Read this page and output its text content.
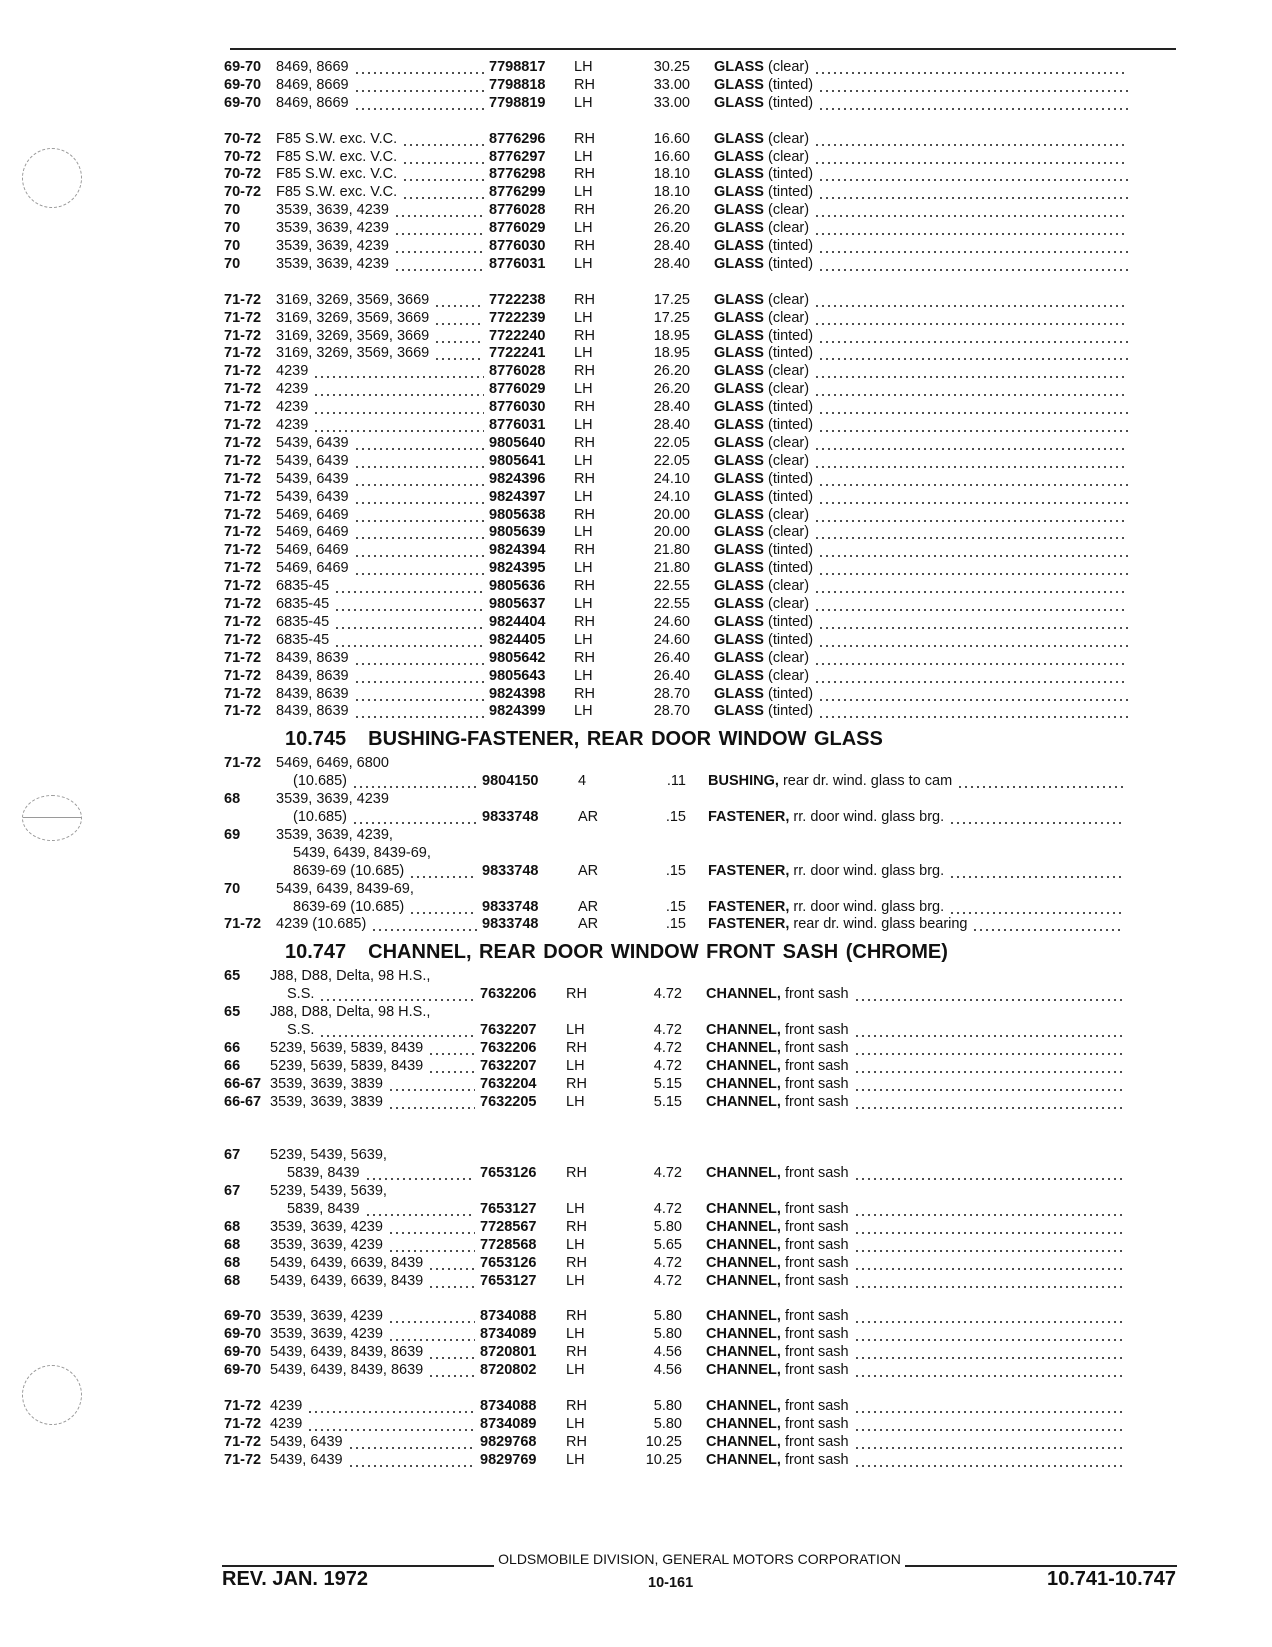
69-70 8469, 8669	7798817 LH	30.25 GLASS (clear)
69-70 8469, 8669	7798818 RH	33.00 GLASS (tinted)
69-70 8469, 8669	7798819 LH	33.00 GLASS (tinted)
70-72 F85 S.W. exc. V.C.	8776296 RH	16.60 GLASS (clear)
70-72 F85 S.W. exc. V.C.	8776297 LH	16.60 GLASS (clear)
70-72 F85 S.W. exc. V.C.	8776298 RH	18.10 GLASS (tinted)
70-72 F85 S.W. exc. V.C.	8776299 LH	18.10 GLASS (tinted)
70 3539, 3639, 4239	8776028 RH	26.20 GLASS (clear)
70 3539, 3639, 4239	8776029 LH	26.20 GLASS (clear)
70 3539, 3639, 4239	8776030 RH	28.40 GLASS (tinted)
70 3539, 3639, 4239	8776031 LH	28.40 GLASS (tinted)
71-72 3169, 3269, 3569, 3669	7722238 RH	17.25 GLASS (clear)
71-72 3169, 3269, 3569, 3669	7722239 LH	17.25 GLASS (clear)
71-72 3169, 3269, 3569, 3669	7722240 RH	18.95 GLASS (tinted)
71-72 3169, 3269, 3569, 3669	7722241 LH	18.95 GLASS (tinted)
71-72 4239	8776028 RH	26.20 GLASS (clear)
71-72 4239	8776029 LH	26.20 GLASS (clear)
71-72 4239	8776030 RH	28.40 GLASS (tinted)
71-72 4239	8776031 LH	28.40 GLASS (tinted)
71-72 5439, 6439	9805640 RH	22.05 GLASS (clear)
71-72 5439, 6439	9805641 LH	22.05 GLASS (clear)
71-72 5439, 6439	9824396 RH	24.10 GLASS (tinted)
71-72 5439, 6439	9824397 LH	24.10 GLASS (tinted)
71-72 5469, 6469	9805638 RH	20.00 GLASS (clear)
71-72 5469, 6469	9805639 LH	20.00 GLASS (clear)
71-72 5469, 6469	9824394 RH	21.80 GLASS (tinted)
71-72 5469, 6469	9824395 LH	21.80 GLASS (tinted)
71-72 6835-45	9805636 RH	22.55 GLASS (clear)
71-72 6835-45	9805637 LH	22.55 GLASS (clear)
71-72 6835-45	9824404 RH	24.60 GLASS (tinted)
71-72 6835-45	9824405 LH	24.60 GLASS (tinted)
71-72 8439, 8639	9805642 RH	26.40 GLASS (clear)
71-72 8439, 8639	9805643 LH	26.40 GLASS (clear)
71-72 8439, 8639	9824398 RH	28.70 GLASS (tinted)
71-72 8439, 8639	9824399 LH	28.70 GLASS (tinted)
71-72 5469, 6469, 6800
(10.685)	9804150	4	.11 BUSHING, rear dr. wind. glass to cam
68 3539, 3639, 4239
(10.685)	9833748	AR	.15 FASTENER, rr. door wind. glass brg.
69 3539, 3639, 4239,
5439, 6439, 8439-69,
8639-69 (10.685)	9833748	AR	.15 FASTENER, rr. door wind. glass brg.
70 5439, 6439, 8439-69,
8639-69 (10.685)	9833748	AR	.15 FASTENER, rr. door wind. glass brg.
71-72 4239 (10.685)	9833748	AR	.15 FASTENER, rear dr. wind. glass bearing
10.745 BUSHING-FASTENER, REAR DOOR WINDOW GLASS
65 J88, D88, Delta, 98 H.S.,
S.S.	7632206 RH	4.72 CHANNEL, front sash
65 J88, D88, Delta, 98 H.S.,
S.S.	7632207 LH	4.72 CHANNEL, front sash
66 5239, 5639, 5839, 8439	7632206 RH	4.72 CHANNEL, front sash
66 5239, 5639, 5839, 8439	7632207 LH	4.72 CHANNEL, front sash
66-67 3539, 3639, 3839	7632204 RH	5.15 CHANNEL, front sash
66-67 3539, 3639, 3839	7632205 LH	5.15 CHANNEL, front sash
67 5239, 5439, 5639,
5839, 8439	7653126 RH	4.72 CHANNEL, front sash
67 5239, 5439, 5639,
5839, 8439	7653127 LH	4.72 CHANNEL, front sash
68 3539, 3639, 4239	7728567 RH	5.80 CHANNEL, front sash
68 3539, 3639, 4239	7728568 LH	5.65 CHANNEL, front sash
68 5439, 6439, 6639, 8439	7653126 RH	4.72 CHANNEL, front sash
68 5439, 6439, 6639, 8439	7653127 LH	4.72 CHANNEL, front sash
69-70 3539, 3639, 4239	8734088 RH	5.80 CHANNEL, front sash
69-70 3539, 3639, 4239	8734089 LH	5.80 CHANNEL, front sash
69-70 5439, 6439, 8439, 8639	8720801 RH	4.56 CHANNEL, front sash
69-70 5439, 6439, 8439, 8639	8720802 LH	4.56 CHANNEL, front sash
71-72 4239	8734088 RH	5.80 CHANNEL, front sash
71-72 4239	8734089 LH	5.80 CHANNEL, front sash
71-72 5439, 6439	9829768 RH	10.25 CHANNEL, front sash
71-72 5439, 6439	9829769 LH	10.25 CHANNEL, front sash
10.747 CHANNEL, REAR DOOR WINDOW FRONT SASH (CHROME)
OLDSMOBILE DIVISION, GENERAL MOTORS CORPORATION
REV. JAN. 1972	10-161	10.741-10.747
